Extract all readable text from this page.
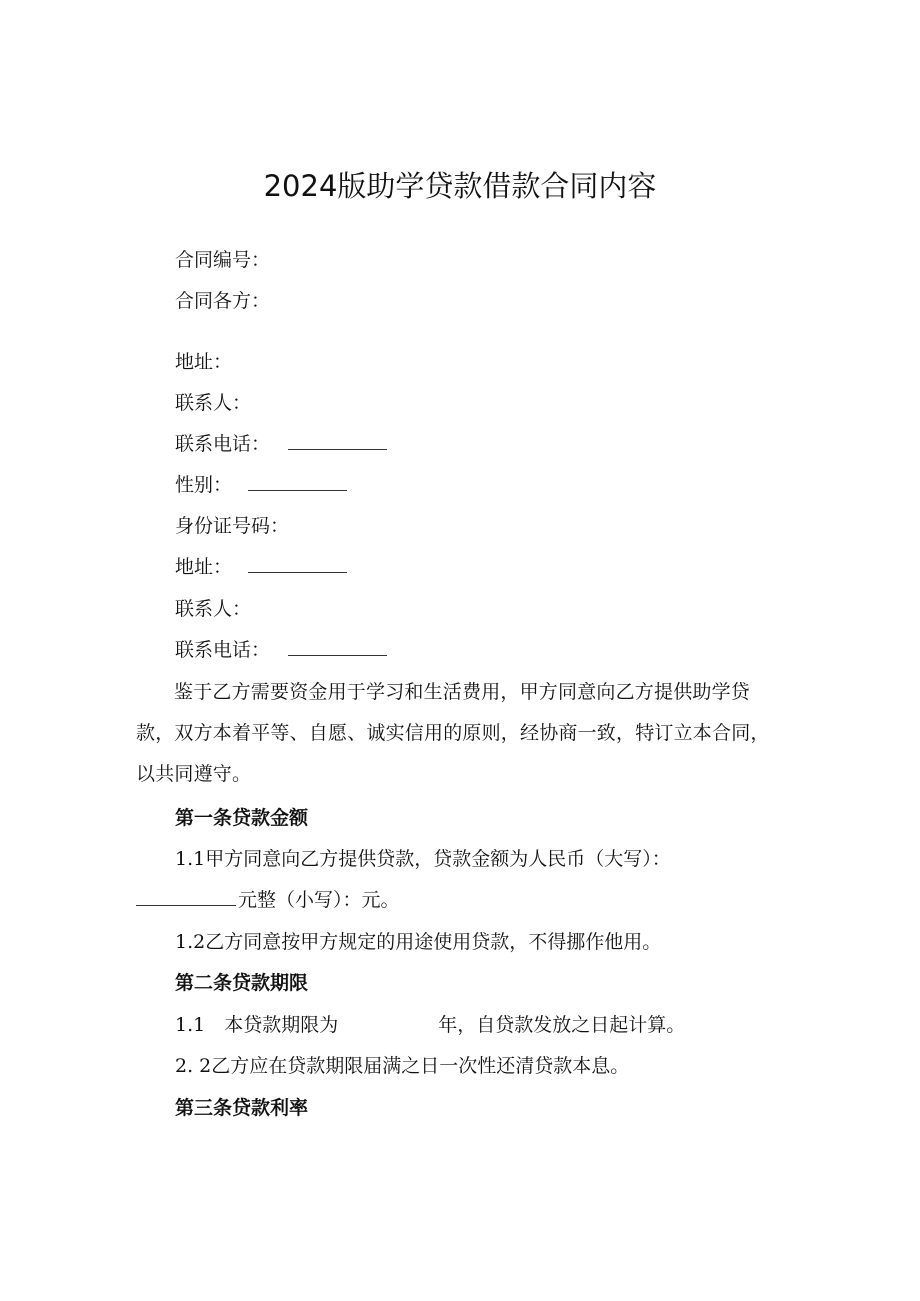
2024版助学贷款借款合同内容
合同编号：
合同各方：
地址：
联系人：
联系电话：
性别：
身份证号码：
地址：
联系人：
联系电话：
鉴于乙方需要资金用于学习和生活费用，甲方同意向乙方提供助学贷款，双方本着平等、自愿、诚实信用的原则，经协商一致，特订立本合同，以共同遵守。
第一条贷款金额
1.1甲方同意向乙方提供贷款，贷款金额为人民币（大写）：
元整（小写）：元。
1.2乙方同意按甲方规定的用途使用贷款，不得挪作他用。
第二条贷款期限
1.1　本贷款期限为	年，自贷款发放之日起计算。
2. 2乙方应在贷款期限届满之日一次性还清贷款本息。
第三条贷款利率
